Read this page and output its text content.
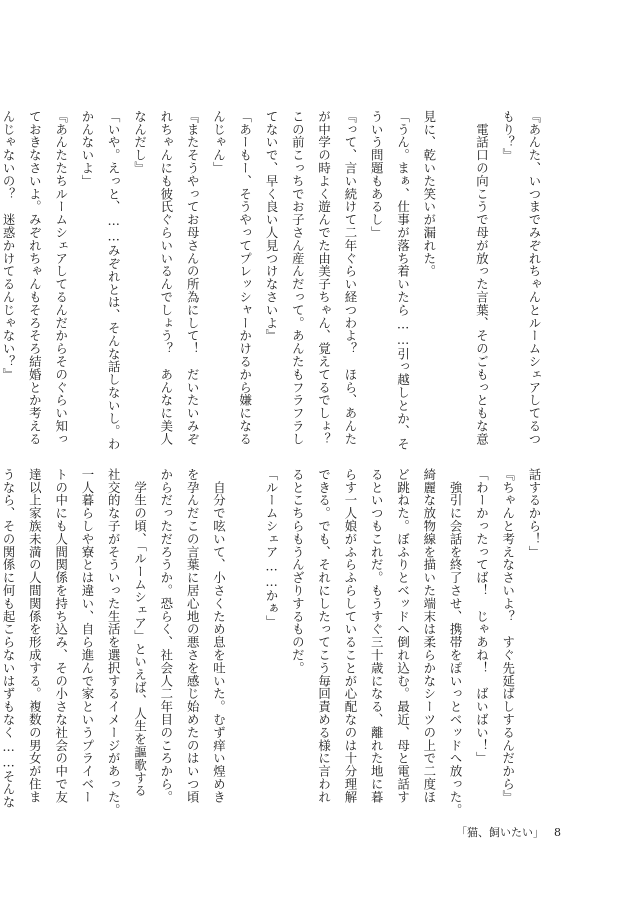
『あんた、いつまでみぞれちゃんとルームシェアしてるつ
もり？』
　電話口の向こうで母が放った言葉、そのごもっともな意
見に、乾いた笑いが漏れた。
「うん。まぁ、仕事が落ち着いたら……引っ越しとか、そ
ういう問題もあるし」
『って、言い続けて二年ぐらい経つわよ？　ほら、あんた
が中学の時よく遊んでた由美子ちゃん、覚えてるでしょ？
この前こっちでお子さん産んだって。あんたもフラフラし
てないで、早く良い人見つけなさいよ』
「あーもー、そうやってプレッシャーかけるから嫌になる
んじゃん」
『またそうやってお母さんの所為にして！　だいたいみぞ
れちゃんにも彼氏ぐらいいるんでしょう？　あんなに美人
なんだし』
「いや。えっと、……みぞれとは、そんな話しないし。わ
かんないよ」
『あんたたちルームシェアしてるんだからそのぐらい知っ
ておきなさいよ。みぞれちゃんもそろそろ結婚とか考える
んじゃないの？　迷惑かけてるんじゃない？』
話するから！」
『ちゃんと考えなさいよ？　すぐ先延ばしするんだから』
「わーかったってば！　じゃあね！　ばいばい！」
　強引に会話を終了させ、携帯をぽいっとベッドへ放った。
綺麗な放物線を描いた端末は柔らかなシーツの上で二度ほ
ど跳ねた。ぼふりとベッドへ倒れ込む。最近、母と電話す
るといつもこれだ。もうすぐ三十歳になる、離れた地に暮
らす一人娘がふらふらしていることが心配なのは十分理解
できる。でも、それにしたってこう毎回責める様に言われ
るとこちらもうんざりするものだ。
「ルームシェア……かぁ」
　自分で呟いて、小さくため息を吐いた。むず痒い煌めき
を孕んだこの言葉に居心地の悪さを感じ始めたのはいつ頃
からだっただろうか。恐らく、社会人二年目のころから。
　学生の頃、「ルームシェア」といえば、人生を謳歌する
社交的な子がそういった生活を選択するイメージがあった。
一人暮らしや寮とは違い、自ら進んで家というプライベー
トの中にも人間関係を持ち込み、その小さな社会の中で友
達以上家族未満の人間関係を形成する。複数の男女が住ま
うなら、その関係に何も起こらないはずもなく……そんな
「猫、飼いたい」 8
